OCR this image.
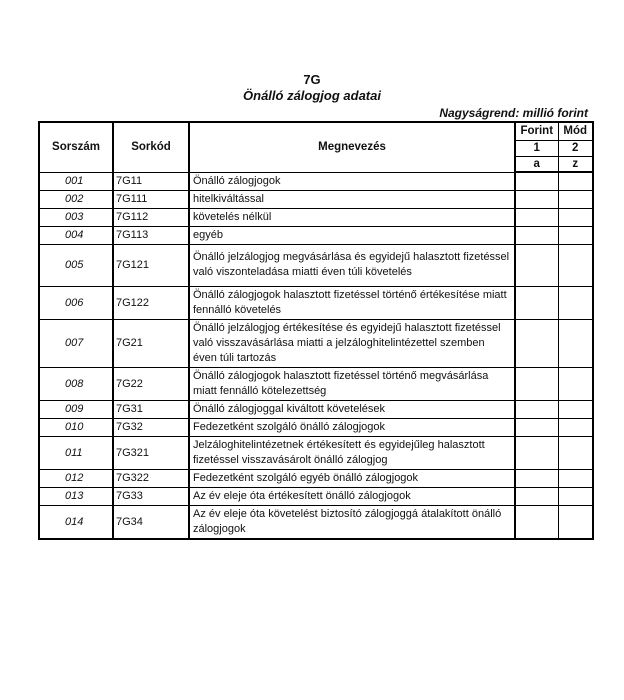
7G
Önálló zálogjog adatai
Nagyságrend: millió forint
Sorszám	Sorkód	Megnevezés	Forint	Mód
			1	2
			a	z
001	7G11	Önálló zálogjogok		
002	7G111	hitelkiváltással		
003	7G112	követelés nélkül		
004	7G113	egyéb		
005	7G121	Önálló jelzálogjog megvásárlása és egyidejű halasztott fizetéssel való viszonteladása miatti éven túli követelés		
006	7G122	Önálló zálogjogok halasztott fizetéssel történő értékesítése miatt fennálló követelés		
007	7G21	Önálló jelzálogjog értékesítése és egyidejű halasztott fizetéssel való visszavásárlása miatti a jelzáloghitelintézettel szemben éven túli tartozás		
008	7G22	Önálló zálogjogok halasztott fizetéssel történő megvásárlása miatt fennálló kötelezettség		
009	7G31	Önálló zálogjoggal kiváltott követelések		
010	7G32	Fedezetként szolgáló önálló zálogjogok		
011	7G321	Jelzáloghitelintézetnek értékesített és egyidejűleg halasztott fizetéssel visszavásárolt önálló zálogjog		
012	7G322	Fedezetként szolgáló egyéb önálló zálogjogok		
013	7G33	Az év eleje óta értékesített önálló zálogjogok		
014	7G34	Az év eleje óta követelést biztosító zálogjoggá átalakított önálló zálogjogok		
